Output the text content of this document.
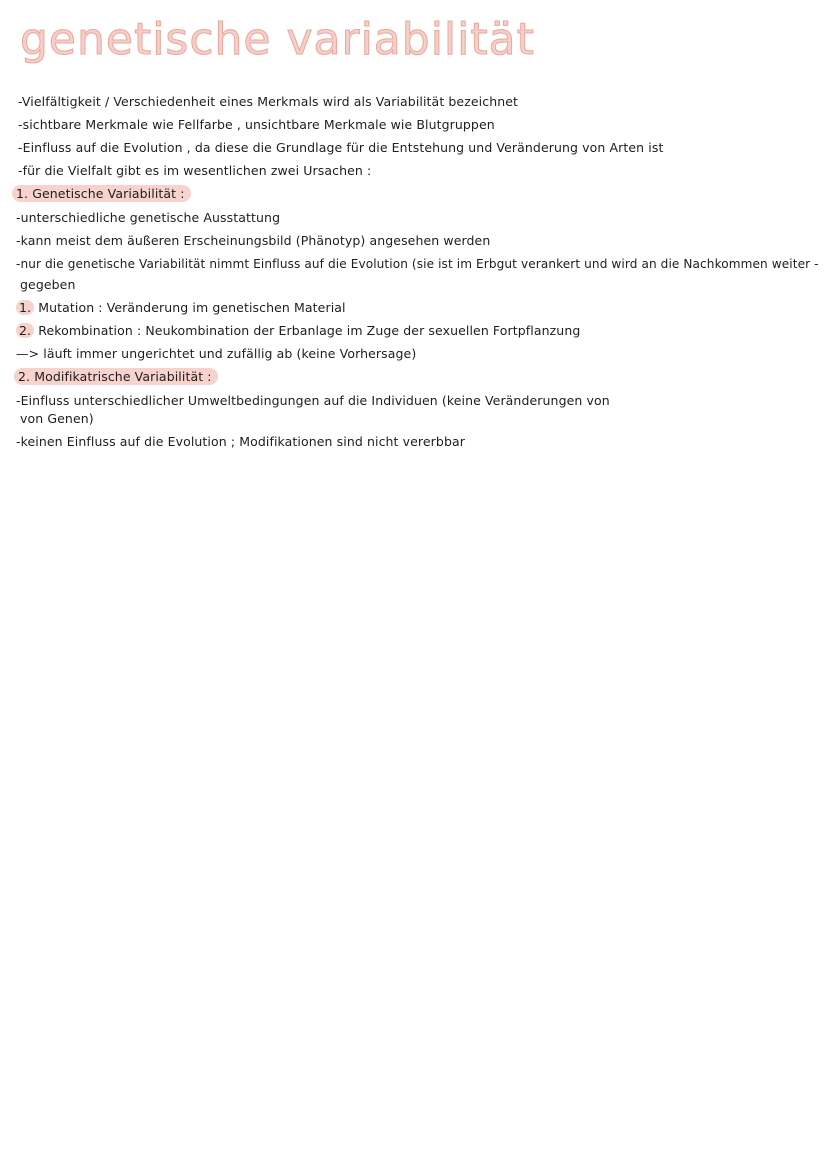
genetische variabilität
-Vielfältigkeit / Verschiedenheit eines Merkmals wird als Variabilität bezeichnet
-sichtbare Merkmale wie Fellfarbe , unsichtbare Merkmale wie Blutgruppen
-Einfluss auf die Evolution , da diese die Grundlage für die Entstehung und Veränderung von Arten ist
-für die Vielfalt gibt es im wesentlichen zwei Ursachen :
1. Genetische Variabilität :
-unterschiedliche genetische Ausstattung
-kann meist dem äußeren Erscheinungsbild (Phänotyp) angesehen werden
-nur die genetische Variabilität nimmt Einfluss auf die Evolution (sie ist im Erbgut verankert und wird an die Nachkommen weiter -
gegeben
1. Mutation : Veränderung im genetischen Material
2. Rekombination : Neukombination der Erbanlage im Zuge der sexuellen Fortpflanzung
—> läuft immer ungerichtet und zufällig ab (keine Vorhersage)
2. Modifikatrische Variabilität :
-Einfluss unterschiedlicher Umweltbedingungen auf die Individuen (keine Veränderungen von
von Genen)
-keinen Einfluss auf die Evolution ; Modifikationen sind nicht vererbbar
